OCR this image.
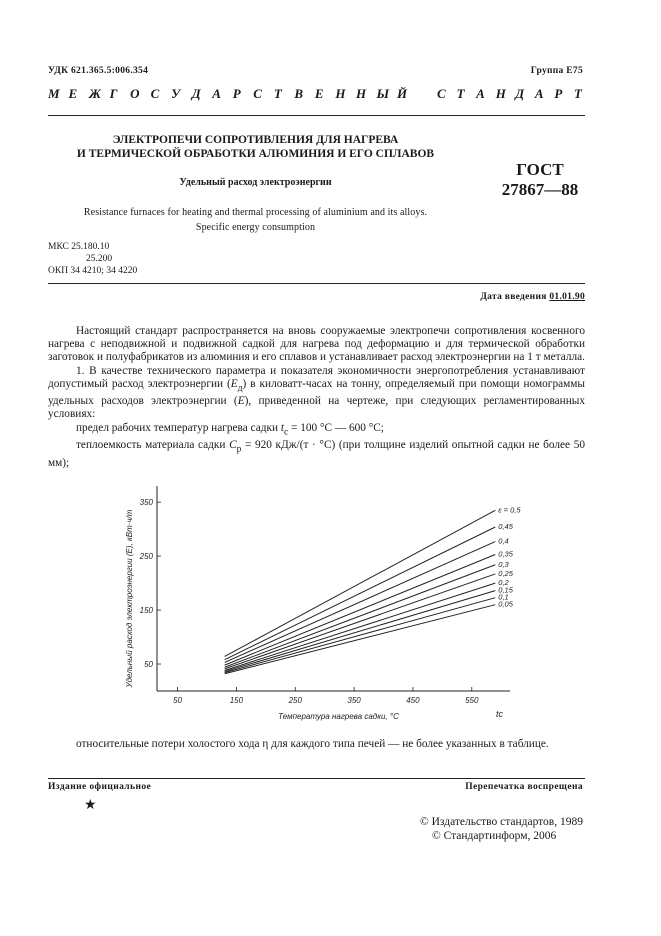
УДК 621.365.5:006.354	Группа Е75
М Е Ж Г О С У Д А Р С Т В Е Н Н Ы Й С Т А Н Д А Р Т
ЭЛЕКТРОПЕЧИ СОПРОТИВЛЕНИЯ ДЛЯ НАГРЕВА
И ТЕРМИЧЕСКОЙ ОБРАБОТКИ АЛЮМИНИЯ И ЕГО СПЛАВОВ
ГОСТ
27867—88
Удельный расход электроэнергии
Resistance furnaces for heating and thermal processing of aluminium and its alloys.
Specific energy consumption
МКС 25.180.10
25.200
ОКП 34 4210; 34 4220
Дата введения 01.01.90

Настоящий стандарт распространяется на вновь сооружаемые электропечи сопротивления косвенного нагрева с неподвижной и подвижной садкой для нагрева под деформацию и для термической обработки заготовок и полуфабрикатов из алюминия и его сплавов и устанавливает расход электроэнергии на 1 т металла.

1. В качестве технического параметра и показателя экономичности энергопотребления устанавливают допустимый расход электроэнергии $(E_д)$ в киловатт-часах на тонну, определяемый при помощи номограммы удельных расходов электроэнергии (E), приведенной на чертеже, при следующих регламентированных условиях:

предел рабочих температур нагрева садки $t_с = 100$ °С — 600 °С;

теплоемкость материала садки $C_р = 920$ кДж/(т · °С) (при толщине изделий опытной садки не более 50 мм);

50	150	250	350	450	550
50
150
250
350
Температура нагрева садки, °С	tс
Удельный расход электроэнергии (E), кВт·ч/т	ε = 0,5
0,45
0,4
0,35
0,3
0,25
0,2
0,15
0,1
0,05

относительные потери холостого хода η для каждого типа печей — не более указанных в таблице.

Издание официальное	Перепечатка воспрещена
★
© Издательство стандартов, 1989
© Стандартинформ, 2006
